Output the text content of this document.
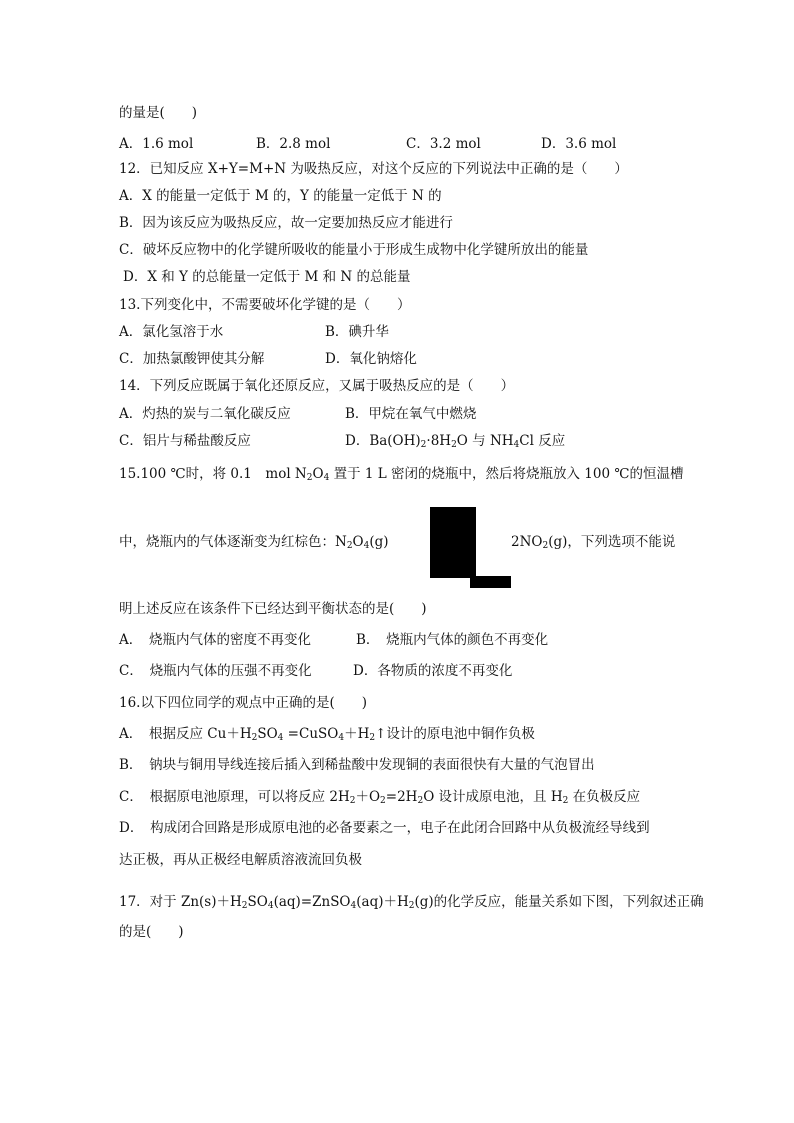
的量是(　　)
A．1.6 mol	B．2.8 mol	C．3.2 mol	D．3.6 mol
12．已知反应 X+Y=M+N 为吸热反应，对这个反应的下列说法中正确的是（　　）
A．X 的能量一定低于 M 的，Y 的能量一定低于 N 的
B．因为该反应为吸热反应，故一定要加热反应才能进行
C．破坏反应物中的化学键所吸收的能量小于形成生成物中化学键所放出的能量
D．X 和 Y 的总能量一定低于 M 和 N 的总能量
13.下列变化中，不需要破坏化学键的是（　　）
A．氯化氢溶于水	B．碘升华
C．加热氯酸钾使其分解	D．氧化钠熔化
14．下列反应既属于氧化还原反应，又属于吸热反应的是（　　）
A．灼热的炭与二氧化碳反应	B．甲烷在氧气中燃烧
C．铝片与稀盐酸反应	D．$Ba(OH)_2\cdot 8H_2O$ 与 $NH_4Cl$ 反应
15.100 ℃时，将 0.1　mol $N_2O_4$ 置于 1 L 密闭的烧瓶中，然后将烧瓶放入 100 ℃的恒温槽
中，烧瓶内的气体逐渐变为红棕色：$N_2O_4(g)$	$2NO_2(g)$，下列选项不能说
明上述反应在该条件下已经达到平衡状态的是(　　)
A．　烧瓶内气体的密度不再变化	B．　烧瓶内气体的颜色不再变化
C．　烧瓶内气体的压强不再变化	D．各物质的浓度不再变化
16.以下四位同学的观点中正确的是(　　)
A．　根据反应 $Cu+H_2SO_4$ $=CuSO_4+H_2↑$设计的原电池中铜作负极
B．　钠块与铜用导线连接后插入到稀盐酸中发现铜的表面很快有大量的气泡冒出
C．　根据原电池原理，可以将反应 $2H_2+O_2=2H_2O$ 设计成原电池，且 $H_2$ 在负极反应
D．　构成闭合回路是形成原电池的必备要素之一，电子在此闭合回路中从负极流经导线到
达正极，再从正极经电解质溶液流回负极
17．对于 $Zn(s)+H_2SO_4(aq)=ZnSO_4(aq)+H_2(g)$的化学反应，能量关系如下图，下列叙述正确
的是(　　)
